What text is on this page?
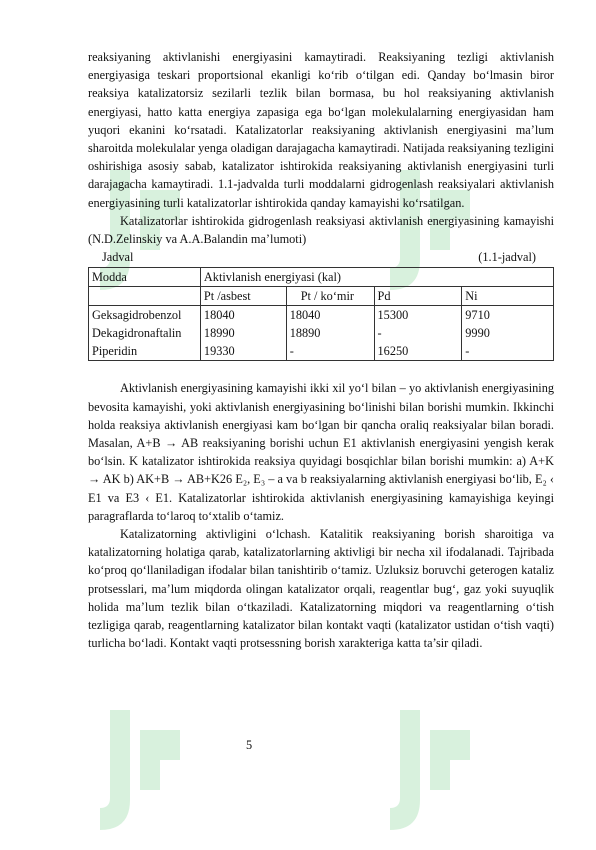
reaksiyaning aktivlanishi energiyasini kamaytiradi. Reaksiyaning tezligi aktivlanish energiyasiga teskari proportsional ekanligi ko‘rib o‘tilgan edi. Qanday bo‘lmasin biror reaksiya katalizatorsiz sezilarli tezlik bilan bormasa, bu hol reaksiyaning aktivlanish energiyasi, hatto katta energiya zapasiga ega bo‘lgan molekulalarning energiyasidan ham yuqori ekanini ko‘rsatadi. Katalizatorlar reaksiyaning aktivlanish energiyasini ma’lum sharoitda molekulalar yenga oladigan darajagacha kamaytiradi. Natijada reaksiyaning tezligini oshirishiga asosiy sabab, katalizator ishtirokida reaksiyaning aktivlanish energiyasini turli darajagacha kamaytiradi. 1.1-jadvalda turli moddalarni gidrogenlash reaksiyalari aktivlanish energiyasining turli katalizatorlar ishtirokida qanday kamayishi ko‘rsatilgan.

Katalizatorlar ishtirokida gidrogenlash reaksiyasi aktivlanish energiyasining kamayishi (N.D.Zelinskiy va A.A.Balandin ma’lumoti)

Jadval	(1.1-jadval)
Modda	Aktivlanish energiyasi (kal)			
	Pt /asbest	Pt / ko‘mir	Pd	Ni
Geksagidrobenzol	18040	18040	15300	9710
Dekagidronaftalin	18990	18890	-	9990
Piperidin	19330	-	16250	-

Aktivlanish energiyasining kamayishi ikki xil yo‘l bilan – yo aktivlanish energiyasining bevosita kamayishi, yoki aktivlanish energiyasining bo‘linishi bilan borishi mumkin. Ikkinchi holda reaksiya aktivlanish energiyasi kam bo‘lgan bir qancha oraliq reaksiyalar bilan boradi. Masalan, A+B → AB reaksiyaning borishi uchun E1 aktivlanish energiyasini yengish kerak bo‘lsin. K katalizator ishtirokida reaksiya quyidagi bosqichlar bilan borishi mumkin: a) A+K → AK b) AK+B → AB+K26 E₂, E₃ – a va b reaksiyalarning aktivlanish energiyasi bo‘lib, E₂ ‹ E1 va E3 ‹ E1. Katalizatorlar ishtirokida aktivlanish energiyasining kamayishiga keyingi paragraflarda to‘laroq to‘xtalib o‘tamiz.

Katalizatorning aktivligini o‘lchash. Katalitik reaksiyaning borish sharoitiga va katalizatorning holatiga qarab, katalizatorlarning aktivligi bir necha xil ifodalanadi. Tajribada ko‘proq qo‘llaniladigan ifodalar bilan tanishtirib o‘tamiz. Uzluksiz boruvchi geterogen kataliz protsesslari, ma’lum miqdorda olingan katalizator orqali, reagentlar bug‘, gaz yoki suyuqlik holida ma’lum tezlik bilan o‘tkaziladi. Katalizatorning miqdori va reagentlarning o‘tish tezligiga qarab, reagentlarning katalizator bilan kontakt vaqti (katalizator ustidan o‘tish vaqti) turlicha bo‘ladi. Kontakt vaqti protsessning borish xarakteriga katta ta’sir qiladi.

5
